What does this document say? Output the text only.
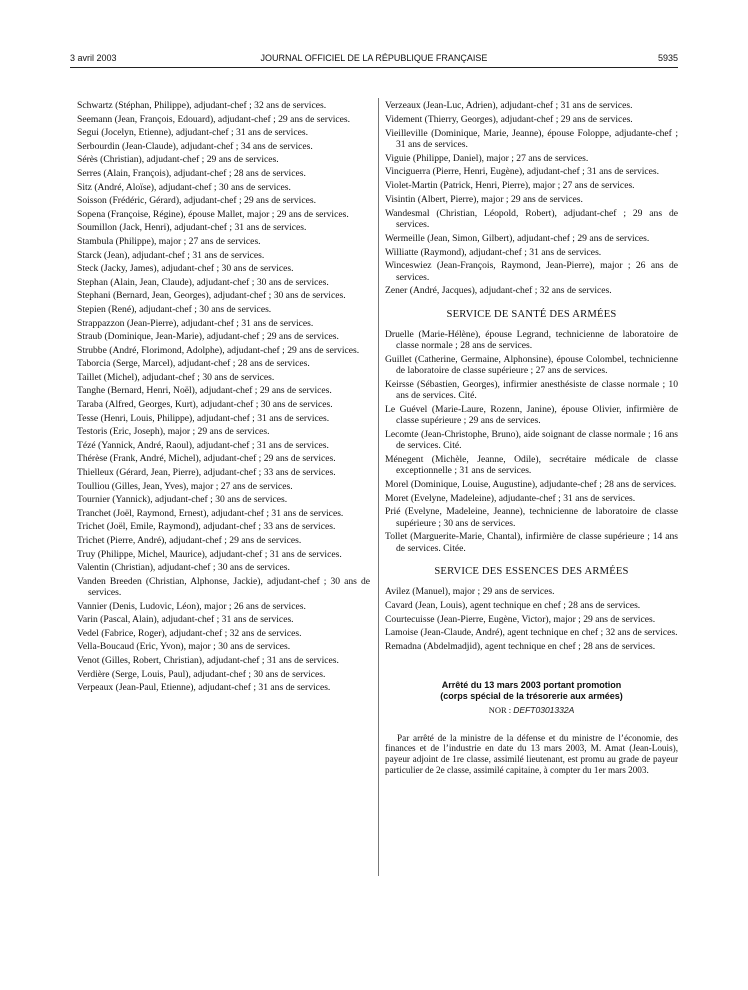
3 avril 2003	JOURNAL OFFICIEL DE LA RÉPUBLIQUE FRANÇAISE	5935

Schwartz (Stéphan, Philippe), adjudant-chef ; 32 ans de services.

Seemann (Jean, François, Edouard), adjudant-chef ; 29 ans de services.

Segui (Jocelyn, Etienne), adjudant-chef ; 31 ans de services.

Serbourdin (Jean-Claude), adjudant-chef ; 34 ans de services.

Sérès (Christian), adjudant-chef ; 29 ans de services.

Serres (Alain, François), adjudant-chef ; 28 ans de services.

Sitz (André, Aloïse), adjudant-chef ; 30 ans de services.

Soisson (Frédéric, Gérard), adjudant-chef ; 29 ans de services.

Sopena (Françoise, Régine), épouse Mallet, major ; 29 ans de services.

Soumillon (Jack, Henri), adjudant-chef ; 31 ans de services.

Stambula (Philippe), major ; 27 ans de services.

Starck (Jean), adjudant-chef ; 31 ans de services.

Steck (Jacky, James), adjudant-chef ; 30 ans de services.

Stephan (Alain, Jean, Claude), adjudant-chef ; 30 ans de services.

Stephani (Bernard, Jean, Georges), adjudant-chef ; 30 ans de services.

Stepien (René), adjudant-chef ; 30 ans de services.

Strappazzon (Jean-Pierre), adjudant-chef ; 31 ans de services.

Straub (Dominique, Jean-Marie), adjudant-chef ; 29 ans de services.

Strubbe (André, Florimond, Adolphe), adjudant-chef ; 29 ans de services.

Taborcia (Serge, Marcel), adjudant-chef ; 28 ans de services.

Taillet (Michel), adjudant-chef ; 30 ans de services.

Tanghe (Bernard, Henri, Noël), adjudant-chef ; 29 ans de services.

Taraba (Alfred, Georges, Kurt), adjudant-chef ; 30 ans de services.

Tesse (Henri, Louis, Philippe), adjudant-chef ; 31 ans de services.

Testoris (Eric, Joseph), major ; 29 ans de services.

Tézé (Yannick, André, Raoul), adjudant-chef ; 31 ans de services.

Thérèse (Frank, André, Michel), adjudant-chef ; 29 ans de services.

Thielleux (Gérard, Jean, Pierre), adjudant-chef ; 33 ans de services.

Toulliou (Gilles, Jean, Yves), major ; 27 ans de services.

Tournier (Yannick), adjudant-chef ; 30 ans de services.

Tranchet (Joël, Raymond, Ernest), adjudant-chef ; 31 ans de services.

Trichet (Joël, Emile, Raymond), adjudant-chef ; 33 ans de services.

Trichet (Pierre, André), adjudant-chef ; 29 ans de services.

Truy (Philippe, Michel, Maurice), adjudant-chef ; 31 ans de services.

Valentin (Christian), adjudant-chef ; 30 ans de services.

Vanden Breeden (Christian, Alphonse, Jackie), adjudant-chef ; 30 ans de services.

Vannier (Denis, Ludovic, Léon), major ; 26 ans de services.

Varin (Pascal, Alain), adjudant-chef ; 31 ans de services.

Vedel (Fabrice, Roger), adjudant-chef ; 32 ans de services.

Vella-Boucaud (Eric, Yvon), major ; 30 ans de services.

Venot (Gilles, Robert, Christian), adjudant-chef ; 31 ans de services.

Verdière (Serge, Louis, Paul), adjudant-chef ; 30 ans de services.

Verpeaux (Jean-Paul, Etienne), adjudant-chef ; 31 ans de services.

Verzeaux (Jean-Luc, Adrien), adjudant-chef ; 31 ans de services.

Videment (Thierry, Georges), adjudant-chef ; 29 ans de services.

Vieilleville (Dominique, Marie, Jeanne), épouse Foloppe, adjudante-chef ; 31 ans de services.

Viguie (Philippe, Daniel), major ; 27 ans de services.

Vinciguerra (Pierre, Henri, Eugène), adjudant-chef ; 31 ans de services.

Violet-Martin (Patrick, Henri, Pierre), major ; 27 ans de services.

Visintin (Albert, Pierre), major ; 29 ans de services.

Wandesmal (Christian, Léopold, Robert), adjudant-chef ; 29 ans de services.

Wermeille (Jean, Simon, Gilbert), adjudant-chef ; 29 ans de services.

Williatte (Raymond), adjudant-chef ; 31 ans de services.

Winceswiez (Jean-François, Raymond, Jean-Pierre), major ; 26 ans de services.

Zener (André, Jacques), adjudant-chef ; 32 ans de services.

SERVICE DE SANTÉ DES ARMÉES

Druelle (Marie-Hélène), épouse Legrand, technicienne de laboratoire de classe normale ; 28 ans de services.

Guillet (Catherine, Germaine, Alphonsine), épouse Colombel, technicienne de laboratoire de classe supérieure ; 27 ans de services.

Keirsse (Sébastien, Georges), infirmier anesthésiste de classe normale ; 10 ans de services. Cité.

Le Guével (Marie-Laure, Rozenn, Janine), épouse Olivier, infirmière de classe supérieure ; 29 ans de services.

Lecomte (Jean-Christophe, Bruno), aide soignant de classe normale ; 16 ans de services. Cité.

Ménegent (Michèle, Jeanne, Odile), secrétaire médicale de classe exceptionnelle ; 31 ans de services.

Morel (Dominique, Louise, Augustine), adjudante-chef ; 28 ans de services.

Moret (Evelyne, Madeleine), adjudante-chef ; 31 ans de services.

Prié (Evelyne, Madeleine, Jeanne), technicienne de laboratoire de classe supérieure ; 30 ans de services.

Tollet (Marguerite-Marie, Chantal), infirmière de classe supérieure ; 14 ans de services. Citée.

SERVICE DES ESSENCES DES ARMÉES

Avilez (Manuel), major ; 29 ans de services.

Cavard (Jean, Louis), agent technique en chef ; 28 ans de services.

Courtecuisse (Jean-Pierre, Eugène, Victor), major ; 29 ans de services.

Lamoise (Jean-Claude, André), agent technique en chef ; 32 ans de services.

Remadna (Abdelmadjid), agent technique en chef ; 28 ans de services.

Arrêté du 13 mars 2003 portant promotion
(corps spécial de la trésorerie aux armées)
NOR : DEFT0301332A

Par arrêté de la ministre de la défense et du ministre de l’économie, des finances et de l’industrie en date du 13 mars 2003, M. Amat (Jean-Louis), payeur adjoint de 1re classe, assimilé lieutenant, est promu au grade de payeur particulier de 2e classe, assimilé capitaine, à compter du 1er mars 2003.
